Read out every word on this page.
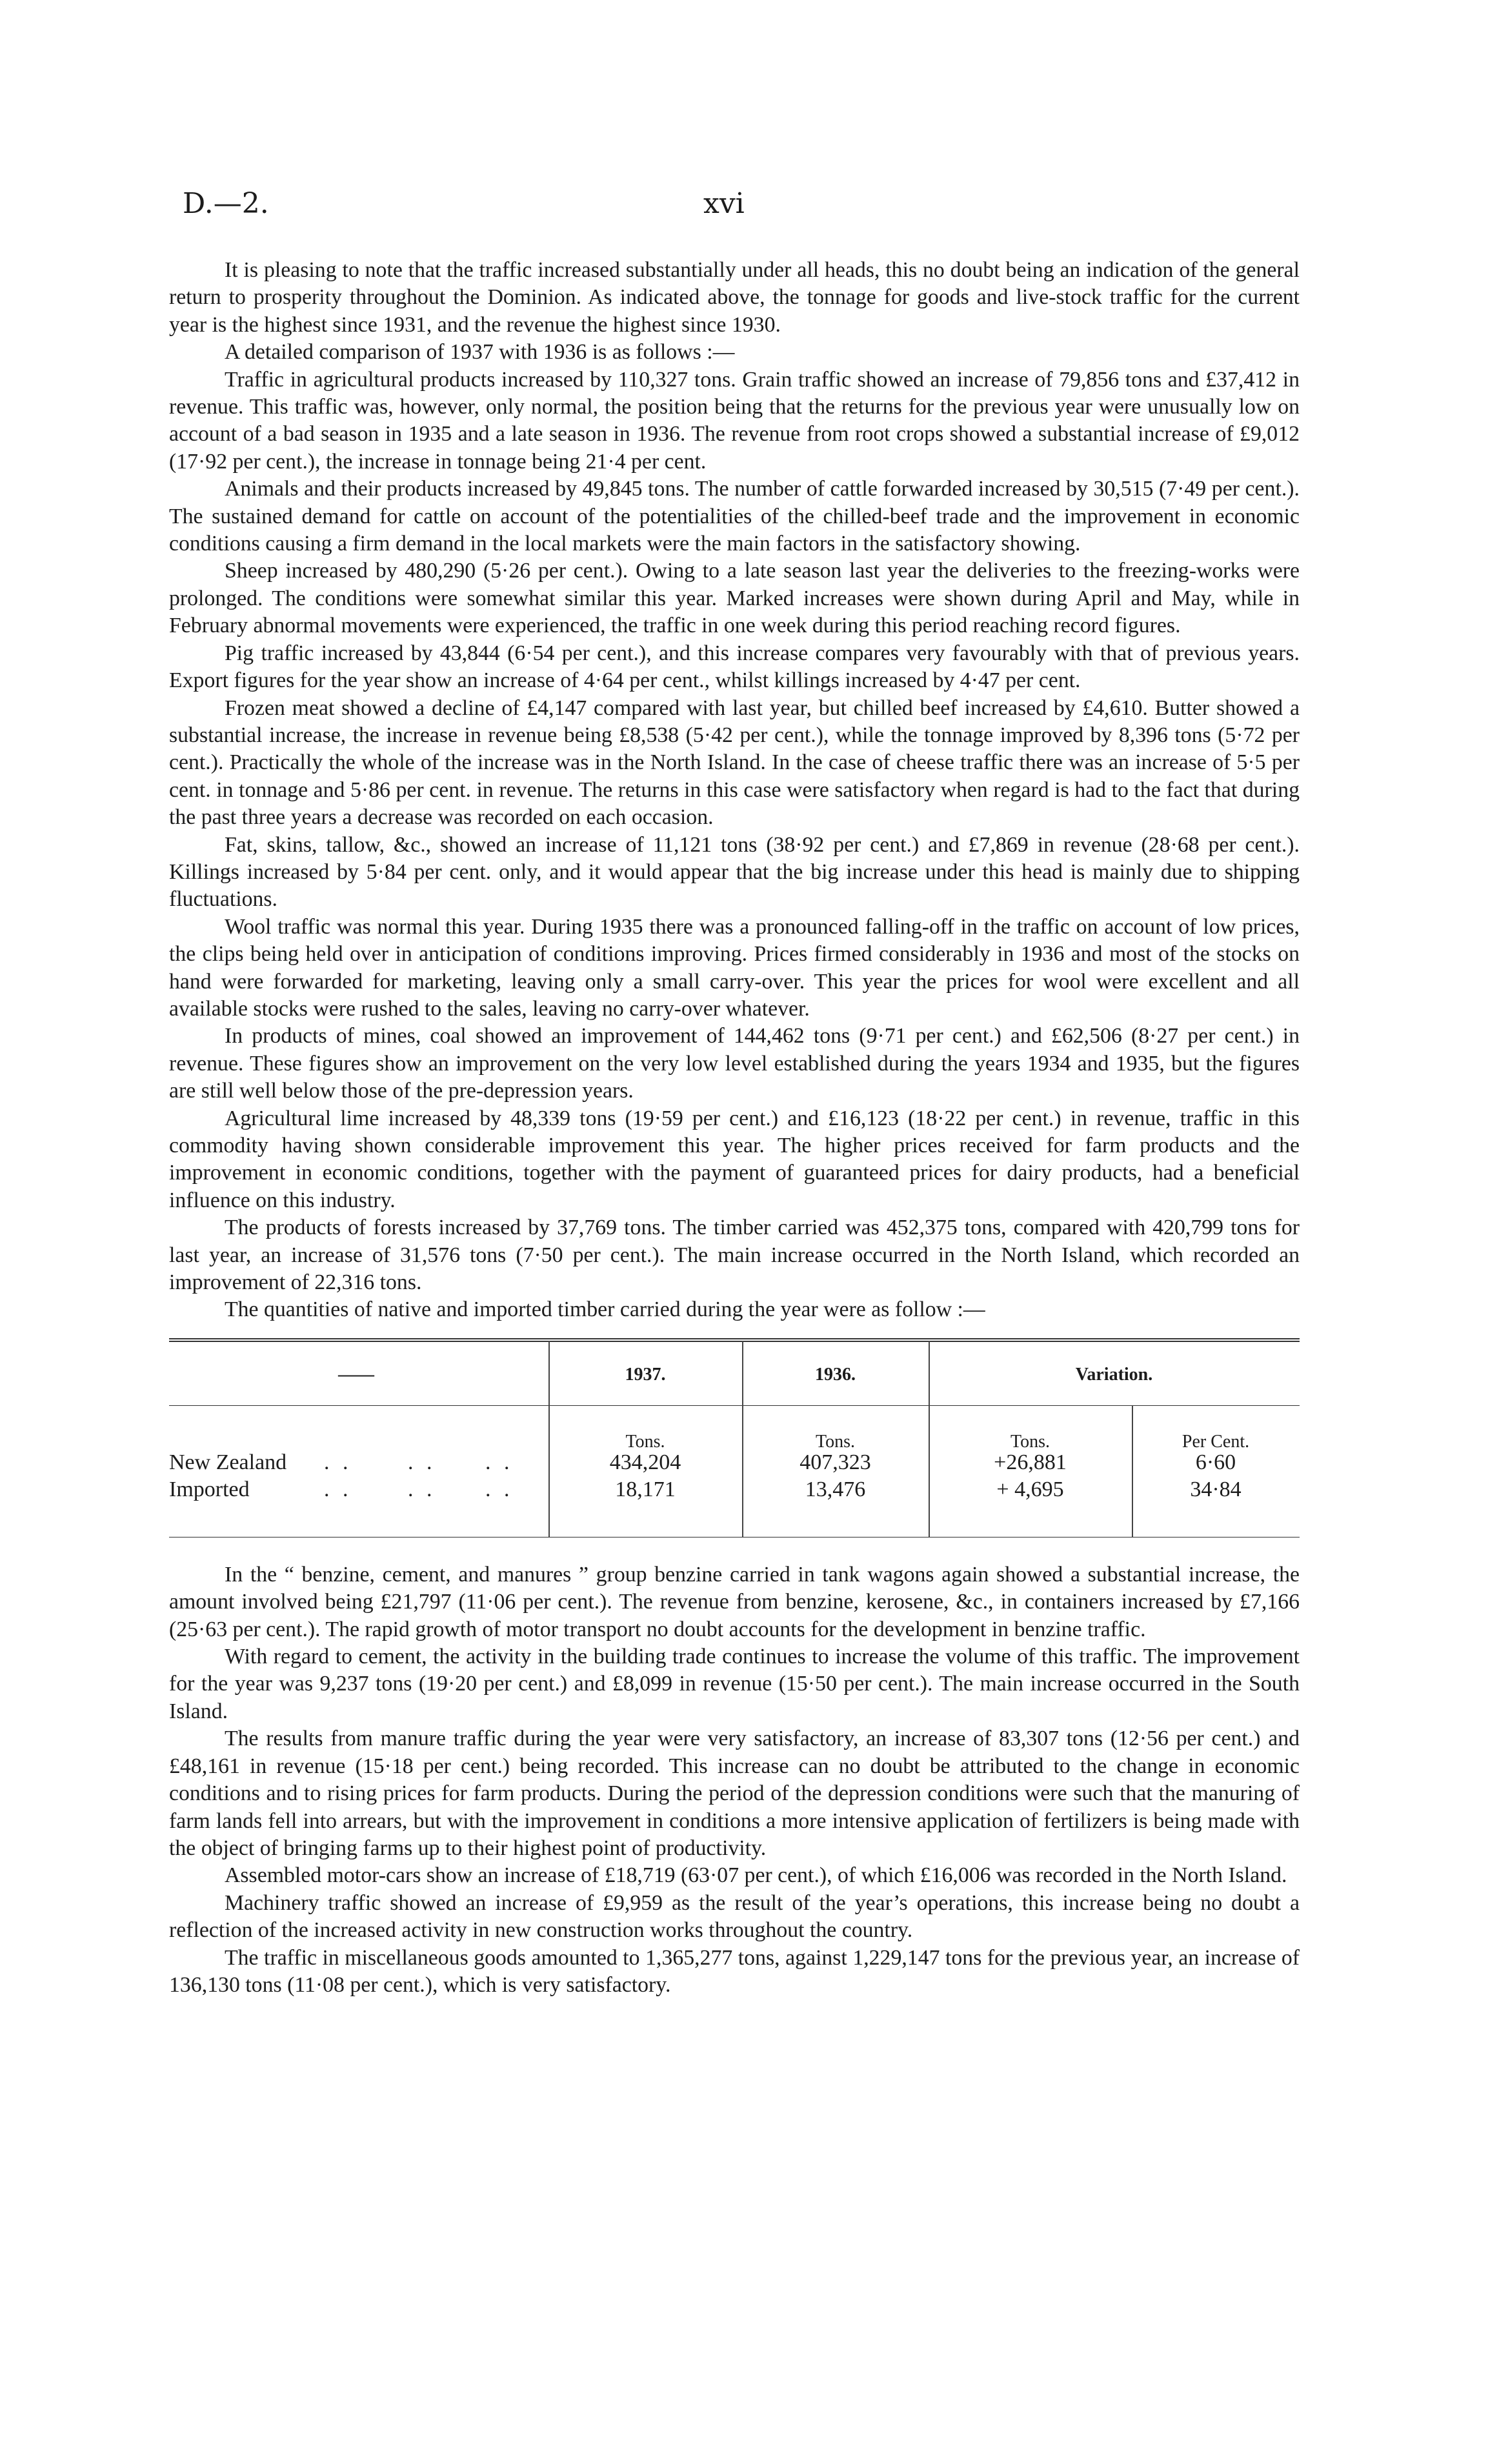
D.—2.	xvi

It is pleasing to note that the traffic increased substantially under all heads, this no doubt being an indication of the general return to prosperity throughout the Dominion. As indicated above, the tonnage for goods and live-stock traffic for the current year is the highest since 1931, and the revenue the highest since 1930.

A detailed comparison of 1937 with 1936 is as follows :—

Traffic in agricultural products increased by 110,327 tons. Grain traffic showed an increase of 79,856 tons and £37,412 in revenue. This traffic was, however, only normal, the position being that the returns for the previous year were unusually low on account of a bad season in 1935 and a late season in 1936. The revenue from root crops showed a substantial increase of £9,012 (17·92 per cent.), the increase in tonnage being 21·4 per cent.

Animals and their products increased by 49,845 tons. The number of cattle forwarded increased by 30,515 (7·49 per cent.). The sustained demand for cattle on account of the potentialities of the chilled-beef trade and the improvement in economic conditions causing a firm demand in the local markets were the main factors in the satisfactory showing.

Sheep increased by 480,290 (5·26 per cent.). Owing to a late season last year the deliveries to the freezing-works were prolonged. The conditions were somewhat similar this year. Marked increases were shown during April and May, while in February abnormal movements were experienced, the traffic in one week during this period reaching record figures.

Pig traffic increased by 43,844 (6·54 per cent.), and this increase compares very favourably with that of previous years. Export figures for the year show an increase of 4·64 per cent., whilst killings increased by 4·47 per cent.

Frozen meat showed a decline of £4,147 compared with last year, but chilled beef increased by £4,610. Butter showed a substantial increase, the increase in revenue being £8,538 (5·42 per cent.), while the tonnage improved by 8,396 tons (5·72 per cent.). Practically the whole of the increase was in the North Island. In the case of cheese traffic there was an increase of 5·5 per cent. in tonnage and 5·86 per cent. in revenue. The returns in this case were satisfactory when regard is had to the fact that during the past three years a decrease was recorded on each occasion.

Fat, skins, tallow, &c., showed an increase of 11,121 tons (38·92 per cent.) and £7,869 in revenue (28·68 per cent.). Killings increased by 5·84 per cent. only, and it would appear that the big increase under this head is mainly due to shipping fluctuations.

Wool traffic was normal this year. During 1935 there was a pronounced falling-off in the traffic on account of low prices, the clips being held over in anticipation of conditions improving. Prices firmed considerably in 1936 and most of the stocks on hand were forwarded for marketing, leaving only a small carry-over. This year the prices for wool were excellent and all available stocks were rushed to the sales, leaving no carry-over whatever.

In products of mines, coal showed an improvement of 144,462 tons (9·71 per cent.) and £62,506 (8·27 per cent.) in revenue. These figures show an improvement on the very low level established during the years 1934 and 1935, but the figures are still well below those of the pre-depression years.

Agricultural lime increased by 48,339 tons (19·59 per cent.) and £16,123 (18·22 per cent.) in revenue, traffic in this commodity having shown considerable improvement this year. The higher prices received for farm products and the improvement in economic conditions, together with the payment of guaranteed prices for dairy products, had a beneficial influence on this industry.

The products of forests increased by 37,769 tons. The timber carried was 452,375 tons, compared with 420,799 tons for last year, an increase of 31,576 tons (7·50 per cent.). The main increase occurred in the North Island, which recorded an improvement of 22,316 tons.

The quantities of native and imported timber carried during the year were as follow :—

——	1937.	1936.	Variation.
Tons.	Tons.	Tons.	Per Cent.
New Zealand . .	. . . .	434,204	407,323	+26,881	6·60
Imported	. .	. . . .	18,171	13,476	+ 4,695	34·84

In the “ benzine, cement, and manures ” group benzine carried in tank wagons again showed a substantial increase, the amount involved being £21,797 (11·06 per cent.). The revenue from benzine, kerosene, &c., in containers increased by £7,166 (25·63 per cent.). The rapid growth of motor transport no doubt accounts for the development in benzine traffic.

With regard to cement, the activity in the building trade continues to increase the volume of this traffic. The improvement for the year was 9,237 tons (19·20 per cent.) and £8,099 in revenue (15·50 per cent.). The main increase occurred in the South Island.

The results from manure traffic during the year were very satisfactory, an increase of 83,307 tons (12·56 per cent.) and £48,161 in revenue (15·18 per cent.) being recorded. This increase can no doubt be attributed to the change in economic conditions and to rising prices for farm products. During the period of the depression conditions were such that the manuring of farm lands fell into arrears, but with the improvement in conditions a more intensive application of fertilizers is being made with the object of bringing farms up to their highest point of productivity.

Assembled motor-cars show an increase of £18,719 (63·07 per cent.), of which £16,006 was recorded in the North Island.

Machinery traffic showed an increase of £9,959 as the result of the year’s operations, this increase being no doubt a reflection of the increased activity in new construction works throughout the country.

The traffic in miscellaneous goods amounted to 1,365,277 tons, against 1,229,147 tons for the previous year, an increase of 136,130 tons (11·08 per cent.), which is very satisfactory.
